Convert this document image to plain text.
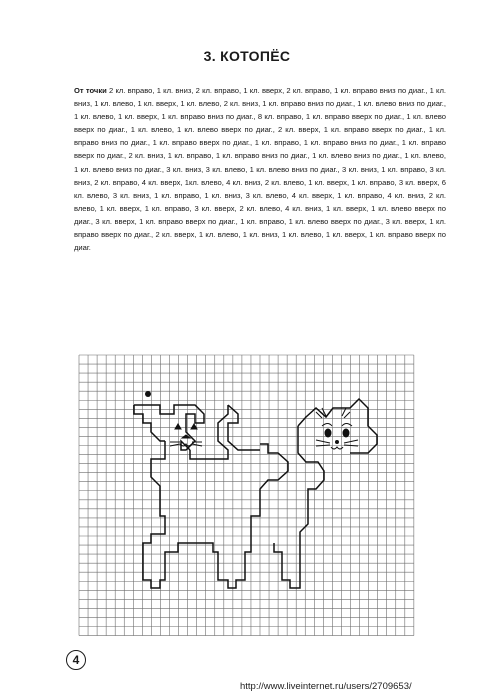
3. КОТОПЁС
От точки 2 кл. вправо, 1 кл. вниз, 2 кл. вправо, 1 кл. вверх, 2 кл. вправо, 1 кл. вправо вниз по диаг., 1 кл. вниз, 1 кл. влево, 1 кл. вверх, 1 кл. влево, 2 кл. вниз, 1 кл. вправо вниз по диаг., 1 кл. влево вниз по диаг., 1 кл. влево, 1 кл. вверх, 1 кл. вправо вниз по диаг., 8 кл. вправо, 1 кл. вправо вверх по диаг., 1 кл. влево вверх по диаг., 1 кл. влево, 1 кл. влево вверх по диаг., 2 кл. вверх, 1 кл. вправо вверх по диаг., 1 кл. вправо вниз по диаг., 1 кл. вправо вверх по диаг., 1 кл. вправо, 1 кл. вправо вниз по диаг., 1 кл. вправо вверх по диаг., 2 кл. вниз, 1 кл. вправо, 1 кл. вправо вниз по диаг., 1 кл. влево вниз по диаг., 1 кл. влево, 1 кл. влево вниз по диаг., 3 кл. вниз, 3 кл. влево, 1 кл. влево вниз по диаг., 3 кл. вниз, 1 кл. вправо, 3 кл. вниз, 2 кл. вправо, 4 кл. вверх, 1кл. влево, 4 кл. вниз, 2 кл. влево, 1 кл. вверх, 1 кл. вправо, 3 кл. вверх, 6 кл. влево, 3 кл. вниз, 1 кл. вправо, 1 кл. вниз, 3 кл. влево, 4 кл. вверх, 1 кл. вправо, 4 кл. вниз, 2 кл. влево, 1 кл. вверх, 1 кл. вправо, 3 кл. вверх, 2 кл. влево, 4 кл. вниз, 1 кл. вверх, 1 кл. влево вверх по диаг., 3 кл. вверх, 1 кл. вправо вверх по диаг., 1 кл. вправо, 1 кл. влево вверх по диаг., 3 кл. вверх, 1 кл. вправо вверх по диаг., 2 кл. вверх, 1 кл. влево, 1 кл. вниз, 1 кл. влево, 1 кл. вверх, 1 кл. вправо вверх по диаг.
4
http://www.liveinternet.ru/users/2709653/
